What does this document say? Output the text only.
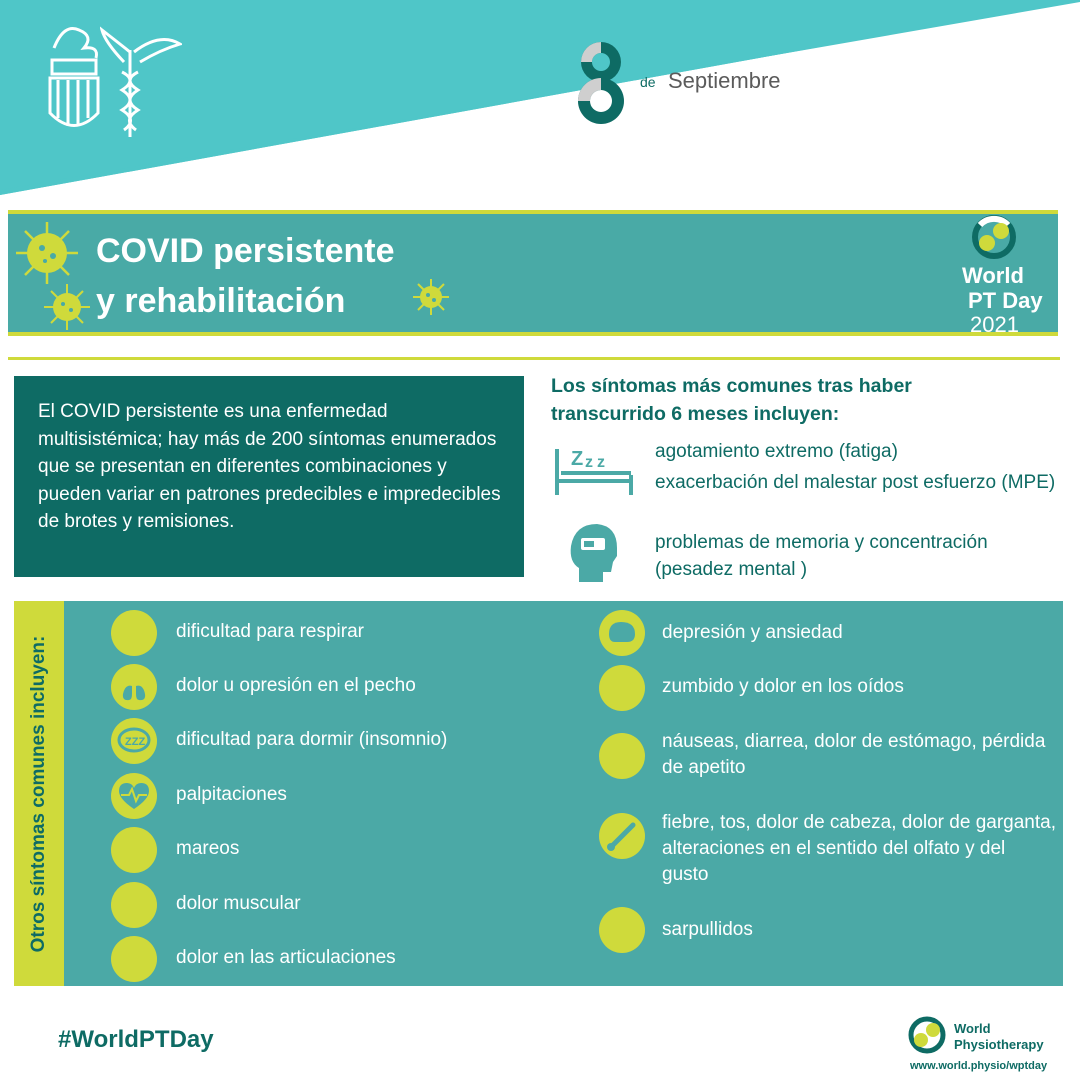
de Septiembre
Día Mundial de la Fisioterapia
COVID persistente
y rehabilitación
World
PT Day
2021
El COVID persistente es una enfermedad multisistémica; hay más de 200 síntomas enumerados que se presentan en diferentes combinaciones y pueden variar en patrones predecibles e impredecibles de brotes y remisiones.
Los síntomas más comunes tras haber transcurrido 6 meses incluyen:
Z z z
agotamiento extremo (fatiga)
exacerbación del malestar post esfuerzo (MPE)
problemas de memoria y concentración (pesadez mental )
Otros síntomas comunes incluyen:
dificultad para respirar
dolor u opresión en el pecho
dificultad para dormir (insomnio)
palpitaciones
mareos
dolor muscular
dolor en las articulaciones
depresión y ansiedad
zumbido y dolor en los oídos
náuseas, diarrea, dolor de estómago, pérdida de apetito
fiebre, tos, dolor de cabeza, dolor de garganta, alteraciones en el sentido del olfato y del gusto
sarpullidos
ZZZ
#WorldPTDay	World
Physiotherapy
www.world.physio/wptday
